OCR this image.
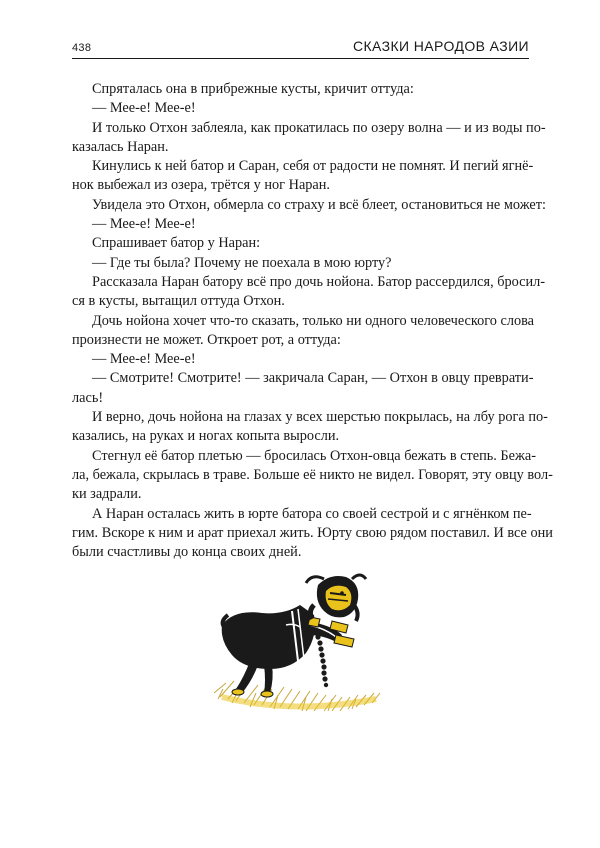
438	СКАЗКИ НАРОДОВ АЗИИ
Спряталась она в прибрежные кусты, кричит оттуда:
— Мее-е! Мее-е!
И только Отхон заблеяла, как прокатилась по озеру волна — и из воды по-
казалась Наран.
Кинулись к ней батор и Саран, себя от радости не помнят. И пегий ягнё-
нок выбежал из озера, трётся у ног Наран.
Увидела это Отхон, обмерла со страху и всё блеет, остановиться не может:
— Мее-е! Мее-е!
Спрашивает батор у Наран:
— Где ты была? Почему не поехала в мою юрту?
Рассказала Наран батору всё про дочь нойона. Батор рассердился, бросил-
ся в кусты, вытащил оттуда Отхон.
Дочь нойона хочет что-то сказать, только ни одного человеческого слова
произнести не может. Откроет рот, а оттуда:
— Мее-е! Мее-е!
— Смотрите! Смотрите! — закричала Саран, — Отхон в овцу преврати-
лась!
И верно, дочь нойона на глазах у всех шерстью покрылась, на лбу рога по-
казались, на руках и ногах копыта выросли.
Стегнул её батор плетью — бросилась Отхон-овца бежать в степь. Бежа-
ла, бежала, скрылась в траве. Больше её никто не видел. Говорят, эту овцу вол-
ки задрали.
А Наран осталась жить в юрте батора со своей сестрой и с ягнёнком пе-
гим. Вскоре к ним и арат приехал жить. Юрту свою рядом поставил. И все они
были счастливы до конца своих дней.
